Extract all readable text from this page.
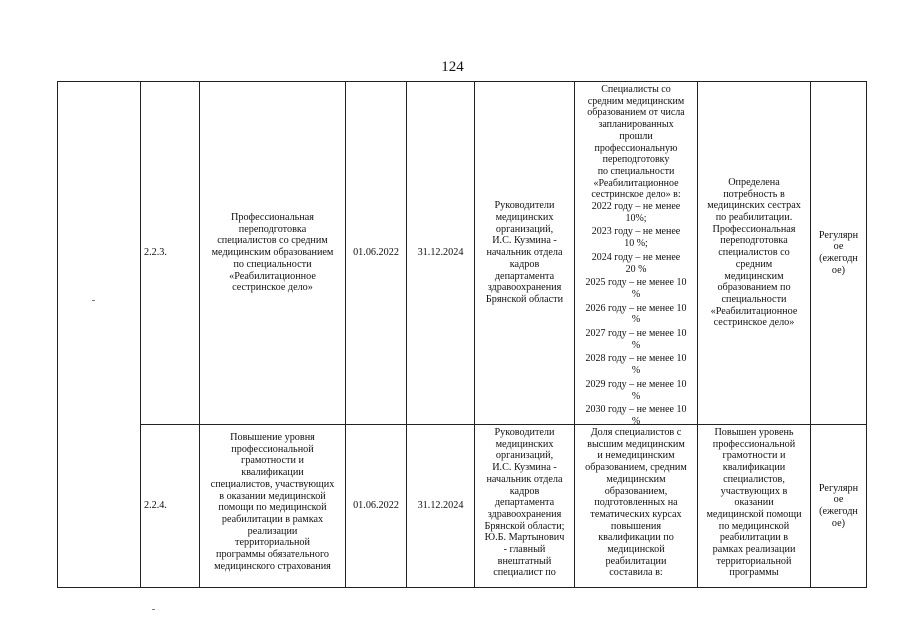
124
2.2.3.
Профессиональная
переподготовка
специалистов со средним
медицинским образованием
по специальности
«Реабилитационное
сестринское дело»
01.06.2022 31.12.2024
Руководители
медицинских
организаций,
И.С. Кузмина -
начальник отдела
кадров
департамента
здравоохранения
Брянской области
Специалисты со
средним медицинским
образованием от числа
запланированных
прошли
профессиональную
переподготовку
по специальности
«Реабилитационное
сестринское дело» в:
2022 году – не менее
10%;
2023 году – не менее
10 %;
2024 году – не менее
20 %
2025 году – не менее 10
%
2026 году – не менее 10
%
2027 году – не менее 10
%
2028 году – не менее 10
%
2029 году – не менее 10
%
2030 году – не менее 10
%
Определена
потребность в
медицинских сестрах
по реабилитации.
Профессиональная
переподготовка
специалистов со
средним
медицинским
образованием по
специальности
«Реабилитационное
сестринское дело»
Регулярн
ое
(ежегодн
ое)
2.2.4.
Повышение уровня
профессиональной
грамотности и
квалификации
специалистов, участвующих
в оказании медицинской
помощи по медицинской
реабилитации в рамках
реализации
территориальной
программы обязательного
медицинского страхования
01.06.2022 31.12.2024
Руководители
медицинских
организаций,
И.С. Кузмина -
начальник отдела
кадров
департамента
здравоохранения
Брянской области;
Ю.Б. Мартынович
- главный
внештатный
специалист по
Доля специалистов с
высшим медицинским
и немедицинским
образованием, средним
медицинским
образованием,
подготовленных на
тематических курсах
повышения
квалификации по
медицинской
реабилитации
составила в:
Повышен уровень
профессиональной
грамотности и
квалификации
специалистов,
участвующих в
оказании
медицинской помощи
по медицинской
реабилитации в
рамках реализации
территориальной
программы
Регулярн
ое
(ежегодн
ое)
